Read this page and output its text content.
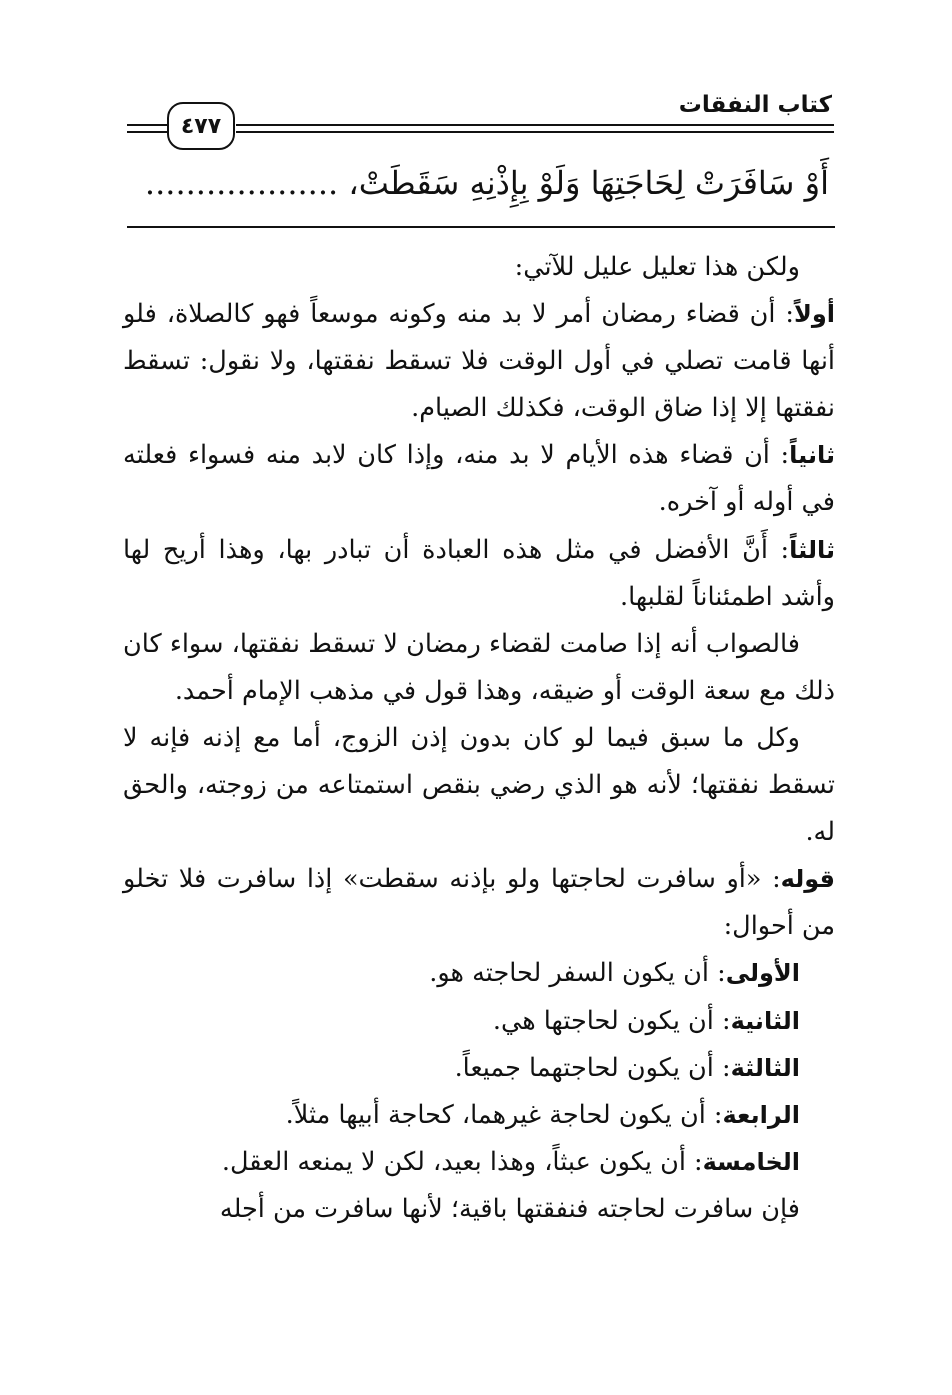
كتاب النفقات
٤٧٧
أَوْ سَافَرَتْ لِحَاجَتِهَا وَلَوْ بِإِذْنِهِ سَقَطَتْ، ...................

ولكن هذا تعليل عليل للآتي:

أولاً: أن قضاء رمضان أمر لا بد منه وكونه موسعاً فهو كالصلاة، فلو أنها قامت تصلي في أول الوقت فلا تسقط نفقتها، ولا نقول: تسقط نفقتها إلا إذا ضاق الوقت، فكذلك الصيام.

ثانياً: أن قضاء هذه الأيام لا بد منه، وإذا كان لابد منه فسواء فعلته في أوله أو آخره.

ثالثاً: أَنَّ الأفضل في مثل هذه العبادة أن تبادر بها، وهذا أريح لها وأشد اطمئناناً لقلبها.

فالصواب أنه إذا صامت لقضاء رمضان لا تسقط نفقتها، سواء كان ذلك مع سعة الوقت أو ضيقه، وهذا قول في مذهب الإمام أحمد.

وكل ما سبق فيما لو كان بدون إذن الزوج، أما مع إذنه فإنه لا تسقط نفقتها؛ لأنه هو الذي رضي بنقص استمتاعه من زوجته، والحق له.

قوله: «أو سافرت لحاجتها ولو بإذنه سقطت» إذا سافرت فلا تخلو من أحوال:

الأولى: أن يكون السفر لحاجته هو.

الثانية: أن يكون لحاجتها هي.

الثالثة: أن يكون لحاجتهما جميعاً.

الرابعة: أن يكون لحاجة غيرهما، كحاجة أبيها مثلاً.

الخامسة: أن يكون عبثاً، وهذا بعيد، لكن لا يمنعه العقل.

فإن سافرت لحاجته فنفقتها باقية؛ لأنها سافرت من أجله
